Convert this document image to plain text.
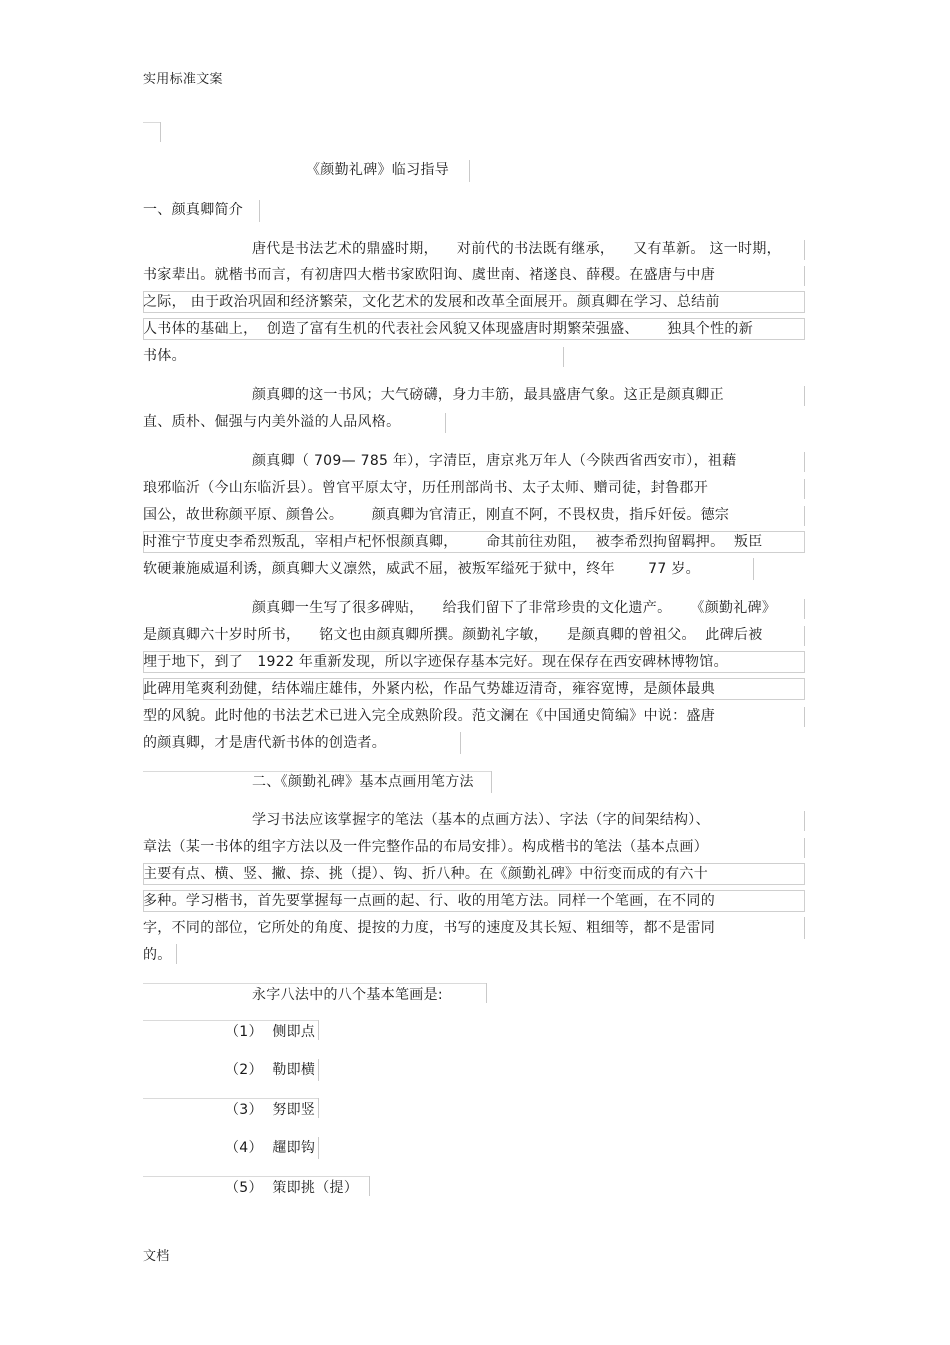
实用标准文案
文档
《颜勤礼碑》临习指导
一、颜真卿简介
唐代是书法艺术的鼎盛时期，    对前代的书法既有继承，    又有革新。 这一时期，
书家辈出。就楷书而言，有初唐四大楷书家欧阳询、虞世南、褚遂良、薛稷。在盛唐与中唐
之际， 由于政治巩固和经济繁荣，文化艺术的发展和改革全面展开。颜真卿在学习、总结前
人书体的基础上，  创造了富有生机的代表社会风貌又体现盛唐时期繁荣强盛、      独具个性的新
书体。
颜真卿的这一书风；大气磅礴，身力丰筋，最具盛唐气象。这正是颜真卿正
直、质朴、倔强与内美外溢的人品风格。
颜真卿（ 709— 785 年），字清臣，唐京兆万年人（今陕西省西安市），祖藉
琅邪临沂（今山东临沂县）。曾官平原太守，历任刑部尚书、太子太师、赠司徒，封鲁郡开
国公，故世称颜平原、颜鲁公。      颜真卿为官清正，刚直不阿，不畏权贵，指斥奸佞。德宗
时淮宁节度史李希烈叛乱，宰相卢杞怀恨颜真卿，      命其前往劝阻，  被李希烈拘留羁押。  叛臣
软硬兼施威逼利诱，颜真卿大义凛然，威武不屈，被叛军缢死于狱中，终年       77 岁。
颜真卿一生写了很多碑贴，    给我们留下了非常珍贵的文化遗产。    《颜勤礼碑》
是颜真卿六十岁时所书，    铭文也由颜真卿所撰。颜勤礼字敏，    是颜真卿的曾祖父。  此碑后被
埋于地下，到了   1922 年重新发现，所以字迹保存基本完好。现在保存在西安碑林博物馆。
此碑用笔爽利劲健，结体端庄雄伟，外紧内松，作品气势雄迈清奇，雍容宽博，是颜体最典
型的风貌。此时他的书法艺术已进入完全成熟阶段。范文澜在《中国通史简编》中说：盛唐
的颜真卿，才是唐代新书体的创造者。
二、《颜勤礼碑》基本点画用笔方法
学习书法应该掌握字的笔法（基本的点画方法）、字法（字的间架结构）、
章法（某一书体的组字方法以及一件完整作品的布局安排）。构成楷书的笔法（基本点画）
主要有点、横、竖、撇、捺、挑（提）、钩、折八种。在《颜勤礼碑》中衍变而成的有六十
多种。学习楷书，首先要掌握每一点画的起、行、收的用笔方法。同样一个笔画，在不同的
字，不同的部位，它所处的角度、提按的力度，书写的速度及其长短、粗细等，都不是雷同
的。
永字八法中的八个基本笔画是:
（1） 侧即点
（2） 勒即横
（3） 努即竖
（4） 趯即钩
（5） 策即挑（提）
